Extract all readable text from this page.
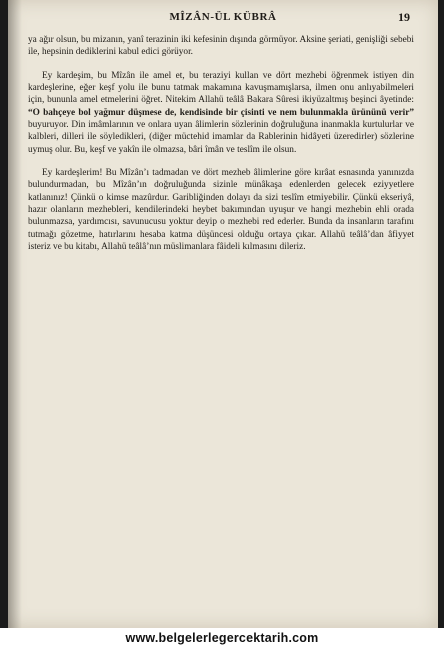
MÎZÂN-ÜL KÜBRÂ	19

ya ağır olsun, bu mizanın, yanî terazinin iki kefesinin dışında görmüyor. Aksine şeriati, genişliği sebebi ile, hepsinin dediklerini kabul edici görüyor.

Ey kardeşim, bu Mîzân ile amel et, bu teraziyi kullan ve dört mezhebi öğrenmek istiyen din kardeşlerine, eğer keşf yolu ile bunu tatmak makamına kavuşmamışlarsa, ilmen onu anlıyabilmeleri için, bununla amel etmelerini öğret. Nitekim Allahü teâlâ Bakara Sûresi ikiyüzaltmış beşinci âyetinde: “O bahçeye bol yağmur düşmese de, kendisinde bir çisinti ve nem bulunmakla ürününü verir” buyuruyor. Din imâmlarının ve onlara uyan âlimlerin sözlerinin doğruluğuna inanmakla kurtulurlar ve kalbleri, dilleri ile söyledikleri, (diğer müctehid imamlar da Rablerinin hidâyeti üzeredirler) sözlerine uymuş olur. Bu, keşf ve yakîn ile olmazsa, bâri îmân ve teslîm ile olsun.

Ey kardeşlerim! Bu Mîzân’ı tadmadan ve dört mezheb âlimlerine göre kırâat esnasında yanınızda bulundurmadan, bu Mîzân’ın doğruluğunda sizinle münâkaşa edenlerden gelecek eziyyetlere katlanınız! Çünkü o kimse mazûrdur. Garibliğinden dolayı da sizi teslîm etmiyebilir. Çünkü ekseriyâ, hazır olanların mezhebleri, kendilerindeki heybet bakımından uyuşur ve hangi mezhebin ehli orada bulunmazsa, yardımcısı, savunucusu yoktur deyip o mezhebi red ederler. Bunda da insanların tarafını tutmağı gözetme, hatırlarını hesaba katma düşüncesi olduğu ortaya çıkar. Allahü teâlâ’dan âfiyyet isteriz ve bu kitabı, Allahü teâlâ’nın müslimanlara fâideli kılmasını dileriz.

www.belgelerlegercektarih.com
